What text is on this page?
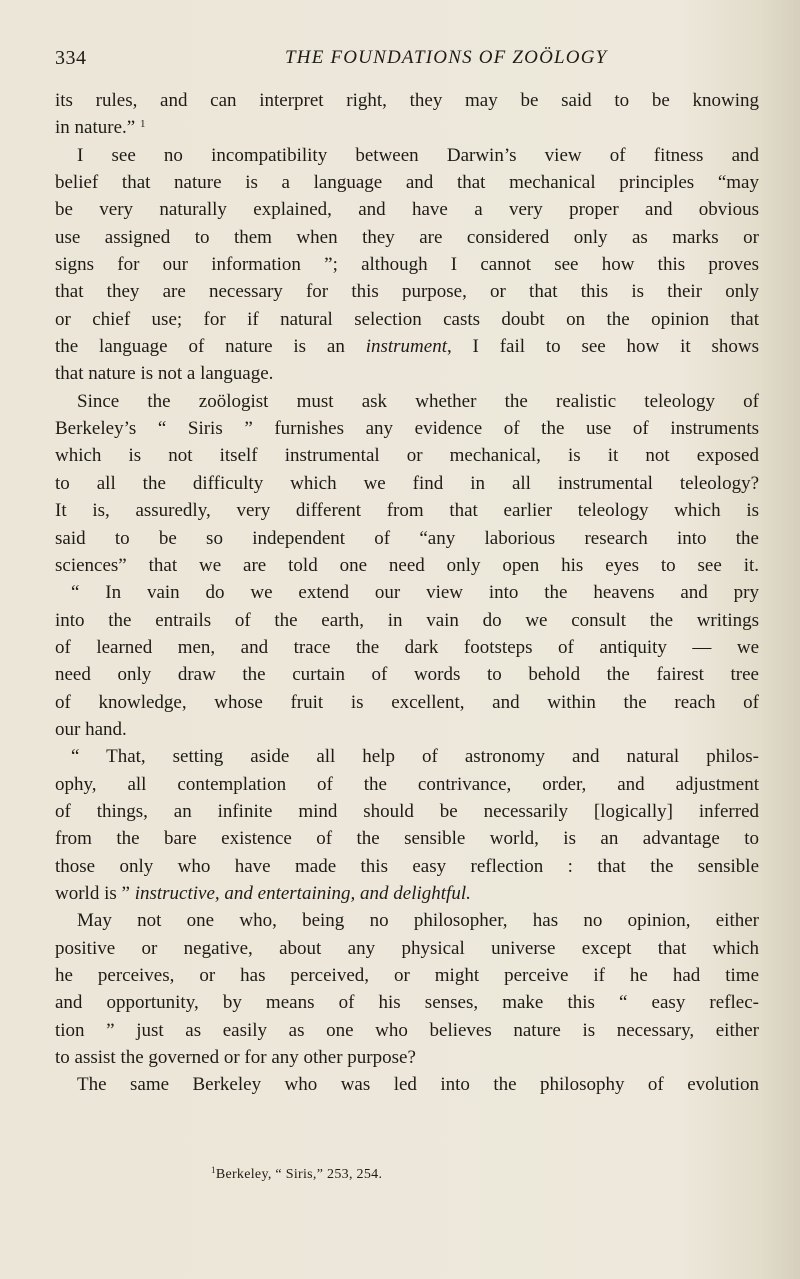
334	THE FOUNDATIONS OF ZOÖLOGY
its rules, and can interpret right, they may be said to be knowing
in nature.” $^1$
I see no incompatibility between Darwin’s view of fitness and
belief that nature is a language and that mechanical principles “may
be very naturally explained, and have a very proper and obvious
use assigned to them when they are considered only as marks or
signs for our information ”; although I cannot see how this proves
that they are necessary for this purpose, or that this is their only
or chief use; for if natural selection casts doubt on the opinion that
the language of nature is an instrument, I fail to see how it shows
that nature is not a language.
Since the zoölogist must ask whether the realistic teleology of
Berkeley’s “ Siris ” furnishes any evidence of the use of instruments
which is not itself instrumental or mechanical, is it not exposed
to all the difficulty which we find in all instrumental teleology?
It is, assuredly, very different from that earlier teleology which is
said to be so independent of “any laborious research into the
sciences” that we are told one need only open his eyes to see it.
“ In vain do we extend our view into the heavens and pry
into the entrails of the earth, in vain do we consult the writings
of learned men, and trace the dark footsteps of antiquity — we
need only draw the curtain of words to behold the fairest tree
of knowledge, whose fruit is excellent, and within the reach of
our hand.
“ That, setting aside all help of astronomy and natural philos-
ophy, all contemplation of the contrivance, order, and adjustment
of things, an infinite mind should be necessarily [logically] inferred
from the bare existence of the sensible world, is an advantage to
those only who have made this easy reflection : that the sensible
world is ” instructive, and entertaining, and delightful.
May not one who, being no philosopher, has no opinion, either
positive or negative, about any physical universe except that which
he perceives, or has perceived, or might perceive if he had time
and opportunity, by means of his senses, make this “ easy reflec-
tion ” just as easily as one who believes nature is necessary, either
to assist the governed or for any other purpose?
The same Berkeley who was led into the philosophy of evolution
$^1$Berkeley, “ Siris,” 253, 254.
